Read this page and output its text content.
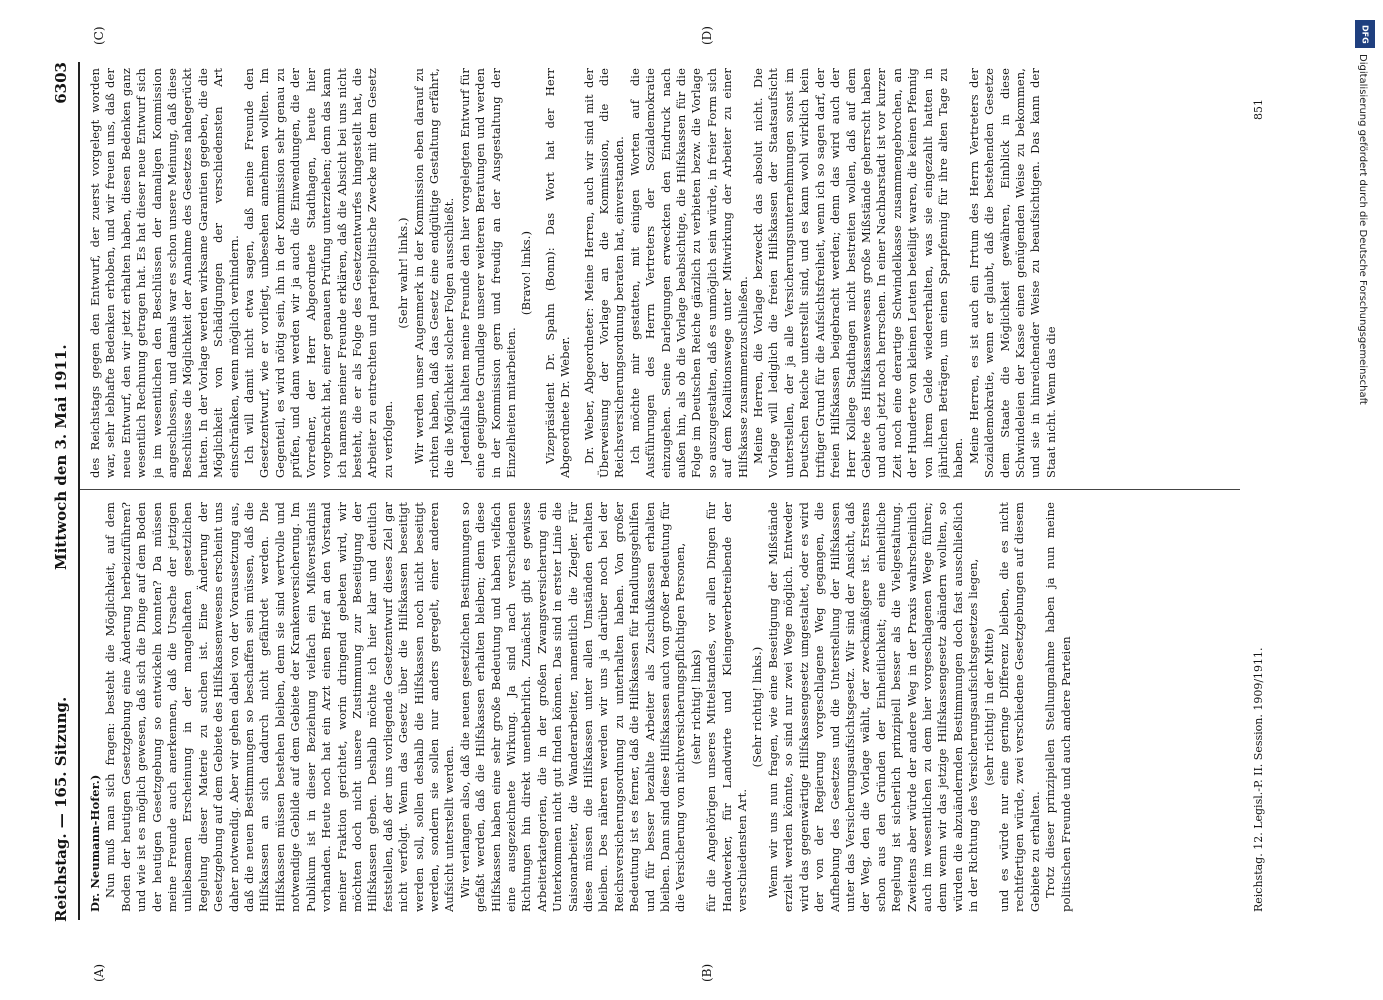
Reichstag. — 165. Sitzung.
Mittwoch den 3. Mai 1911.
6303
(A)	(B)
(C)	(D)

Dr. Neumann-Hofer.) Nun muß man sich fragen: besteht die Möglichkeit, auf dem Boden der heutigen Gesetzgebung eine Änderung herbeizuführen? und wie ist es möglich gewesen, daß sich die Dinge auf dem Boden der heutigen Gesetzgebung so entwickeln konnten? Da müssen meine Freunde auch anerkennen, daß die Ursache der jetzigen unliebsamen Erscheinung in der mangelhaften gesetzlichen Regelung dieser Materie zu suchen ist. Eine Änderung der Gesetzgebung auf dem Gebiete des Hilfskassenwesens erscheint uns daher notwendig. Aber wir gehen dabei von der Voraussetzung aus, daß die neuen Bestimmungen so beschaffen sein müssen, daß die Hilfskassen an sich dadurch nicht gefährdet werden. Die Hilfskassen müssen bestehen bleiben, denn sie sind wertvolle und notwendige Gebilde auf dem Gebiete der Krankenversicherung. Im Publikum ist in dieser Beziehung vielfach ein Mißverständnis vorhanden. Heute noch hat ein Arzt einen Brief an den Vorstand meiner Fraktion gerichtet, worin dringend gebeten wird, wir möchten doch nicht unsere Zustimmung zur Beseitigung der Hilfskassen geben. Deshalb möchte ich hier klar und deutlich feststellen, daß der uns vorliegende Gesetzentwurf dieses Ziel gar nicht verfolgt. Wenn das Gesetz über die Hilfskassen beseitigt werden soll, sollen deshalb die Hilfskassen noch nicht beseitigt werden, sondern sie sollen nur anders geregelt, einer anderen Aufsicht unterstellt werden. Wir verlangen also, daß die neuen gesetzlichen Bestimmungen so gefaßt werden, daß die Hilfskassen erhalten bleiben; denn diese Hilfskassen haben eine sehr große Bedeutung und haben vielfach eine ausgezeichnete Wirkung. Ja sind nach verschiedenen Richtungen hin direkt unentbehrlich. Zunächst gibt es gewisse Arbeiterkategorien, die in der großen Zwangsversicherung ein Unterkommen nicht gut finden können. Das sind in erster Linie die Saisonarbeiter, die Wanderarbeiter, namentlich die Ziegler. Für diese müssen die Hilfskassen unter allen Umständen erhalten bleiben. Des näheren werden wir uns ja darüber noch bei der Reichsversicherungsordnung zu unterhalten haben. Von großer Bedeutung ist es ferner, daß die Hilfskassen für Handlungsgehilfen und für besser bezahlte Arbeiter als Zuschußkassen erhalten bleiben. Dann sind diese Hilfskassen auch von großer Bedeutung für die Versicherung von nichtversicherungspflichtigen Personen, (sehr richtig! links) für die Angehörigen unseres Mittelstandes, vor allen Dingen für Handwerker, für Landwirte und Kleingewerbetreibende der verschiedensten Art.

(Sehr richtig! links.) Wenn wir uns nun fragen, wie eine Beseitigung der Mißstände erzielt werden könnte, so sind nur zwei Wege möglich. Entweder wird das gegenwärtige Hilfskassengesetz umgestaltet, oder es wird der von der Regierung vorgeschlagene Weg gegangen, die Aufhebung des Gesetzes und die Unterstellung der Hilfskassen unter das Versicherungsaufsichtsgesetz. Wir sind der Ansicht, daß der Weg, den die Vorlage wählt, der zweckmäßigere ist. Erstens schon aus den Gründen der Einheitlichkeit; eine einheitliche Regelung ist sicherlich prinzipiell besser als die Vielgestaltung. Zweitens aber würde der andere Weg in der Praxis wahrscheinlich auch im wesentlichen zu dem hier vorgeschlagenen Wege führen; denn wenn wir das jetzige Hilfskassengesetz abändern wollten, so würden die abzuändernden Bestimmungen doch fast ausschließlich in der Richtung des Versicherungsaufsichtsgesetzes liegen, (sehr richtig! in der Mitte) und es würde nur eine geringe Differenz bleiben, die es nicht rechtfertigen würde, zwei verschiedene Gesetzgebungen auf diesem Gebiete zu erhalten. Trotz dieser prinzipiellen Stellungnahme haben ja nun meine politischen Freunde und auch andere Parteien

des Reichstags gegen den Entwurf, der zuerst vorgelegt worden war, sehr lebhafte Bedenken erhoben, und wir freuen uns, daß der neue Entwurf, den wir jetzt erhalten haben, diesen Bedenken ganz wesentlich Rechnung getragen hat. Es hat dieser neue Entwurf sich ja im wesentlichen den Beschlüssen der damaligen Kommission angeschlossen, und damals war es schon unsere Meinung, daß diese Beschlüsse die Möglichkeit der Annahme des Gesetzes nahegerückt hatten. In der Vorlage werden wirksame Garantien gegeben, die die Möglichkeit von Schädigungen der verschiedensten Art einschränken, wenn möglich verhindern. Ich will damit nicht etwa sagen, daß meine Freunde den Gesetzentwurf, wie er vorliegt, unbesehen annehmen wollten. Im Gegenteil, es wird nötig sein, ihn in der Kommission sehr genau zu prüfen, und dann werden wir ja auch die Einwendungen, die der Vorredner, der Herr Abgeordnete Stadthagen, heute hier vorgebracht hat, einer genauen Prüfung unterziehen; denn das kann ich namens meiner Freunde erklären, daß die Absicht bei uns nicht besteht, die er als Folge des Gesetzentwurfes hingestellt hat, die Arbeiter zu entrechten und parteipolitische Zwecke mit dem Gesetz zu verfolgen.

(Sehr wahr! links.) Wir werden unser Augenmerk in der Kommission eben darauf zu richten haben, daß das Gesetz eine endgültige Gestaltung erfährt, die die Möglichkeit solcher Folgen ausschließt. Jedenfalls halten meine Freunde den hier vorgelegten Entwurf für eine geeignete Grundlage unserer weiteren Beratungen und werden in der Kommission gern und freudig an der Ausgestaltung der Einzelheiten mitarbeiten.

(Bravo! links.) Vizepräsident Dr. Spahn (Bonn): Das Wort hat der Herr Abgeordnete Dr. Weber. Dr. Weber, Abgeordneter: Meine Herren, auch wir sind mit der Überweisung der Vorlage an die Kommission, die die Reichsversicherungsordnung beraten hat, einverstanden. Ich möchte mir gestatten, mit einigen Worten auf die Ausführungen des Herrn Vertreters der Sozialdemokratie einzugehen. Seine Darlegungen erweckten den Eindruck nach außen hin, als ob die Vorlage beabsichtige, die Hilfskassen für die Folge im Deutschen Reiche gänzlich zu verbieten bezw. die Vorlage so auszugestalten, daß es unmöglich sein würde, in freier Form sich auf dem Koalitionswege unter Mitwirkung der Arbeiter zu einer Hilfskasse zusammenzuschließen. Meine Herren, die Vorlage bezweckt das absolut nicht. Die Vorlage will lediglich die freien Hilfskassen der Staatsaufsicht unterstellen, der ja alle Versicherungsunternehmungen sonst im Deutschen Reiche unterstellt sind, und es kann wohl wirklich kein triftiger Grund für die Aufsichtsfreiheit, wenn ich so sagen darf, der freien Hilfskassen beigebracht werden; denn das wird auch der Herr Kollege Stadthagen nicht bestreiten wollen, daß auf dem Gebiete des Hilfskassenwesens große Mißstände geherrscht haben und auch jetzt noch herrschen. In einer Nachbarstadt ist vor kurzer Zeit noch eine derartige Schwindelkasse zusammengebrochen, an der Hunderte von kleinen Leuten beteiligt waren, die keinen Pfennig von ihrem Gelde wiedererhalten, was sie eingezahlt hatten in jährlichen Beträgen, um einen Sparpfennig für ihre alten Tage zu haben. Meine Herren, es ist auch ein Irrtum des Herrn Vertreters der Sozialdemokratie, wenn er glaubt, daß die bestehenden Gesetze dem Staate die Möglichkeit gewähren, Einblick in diese Schwindeleien der Kasse einen genügenden Weise zu bekommen, und sie in hinreichender Weise zu beaufsichtigen. Das kann der Staat nicht. Wenn das die

Reichstag. 12. Legisl.-P. II. Session. 1909/1911.
851
DFG
Digitalisierung gefördert durch die Deutsche Forschungsgemeinschaft
